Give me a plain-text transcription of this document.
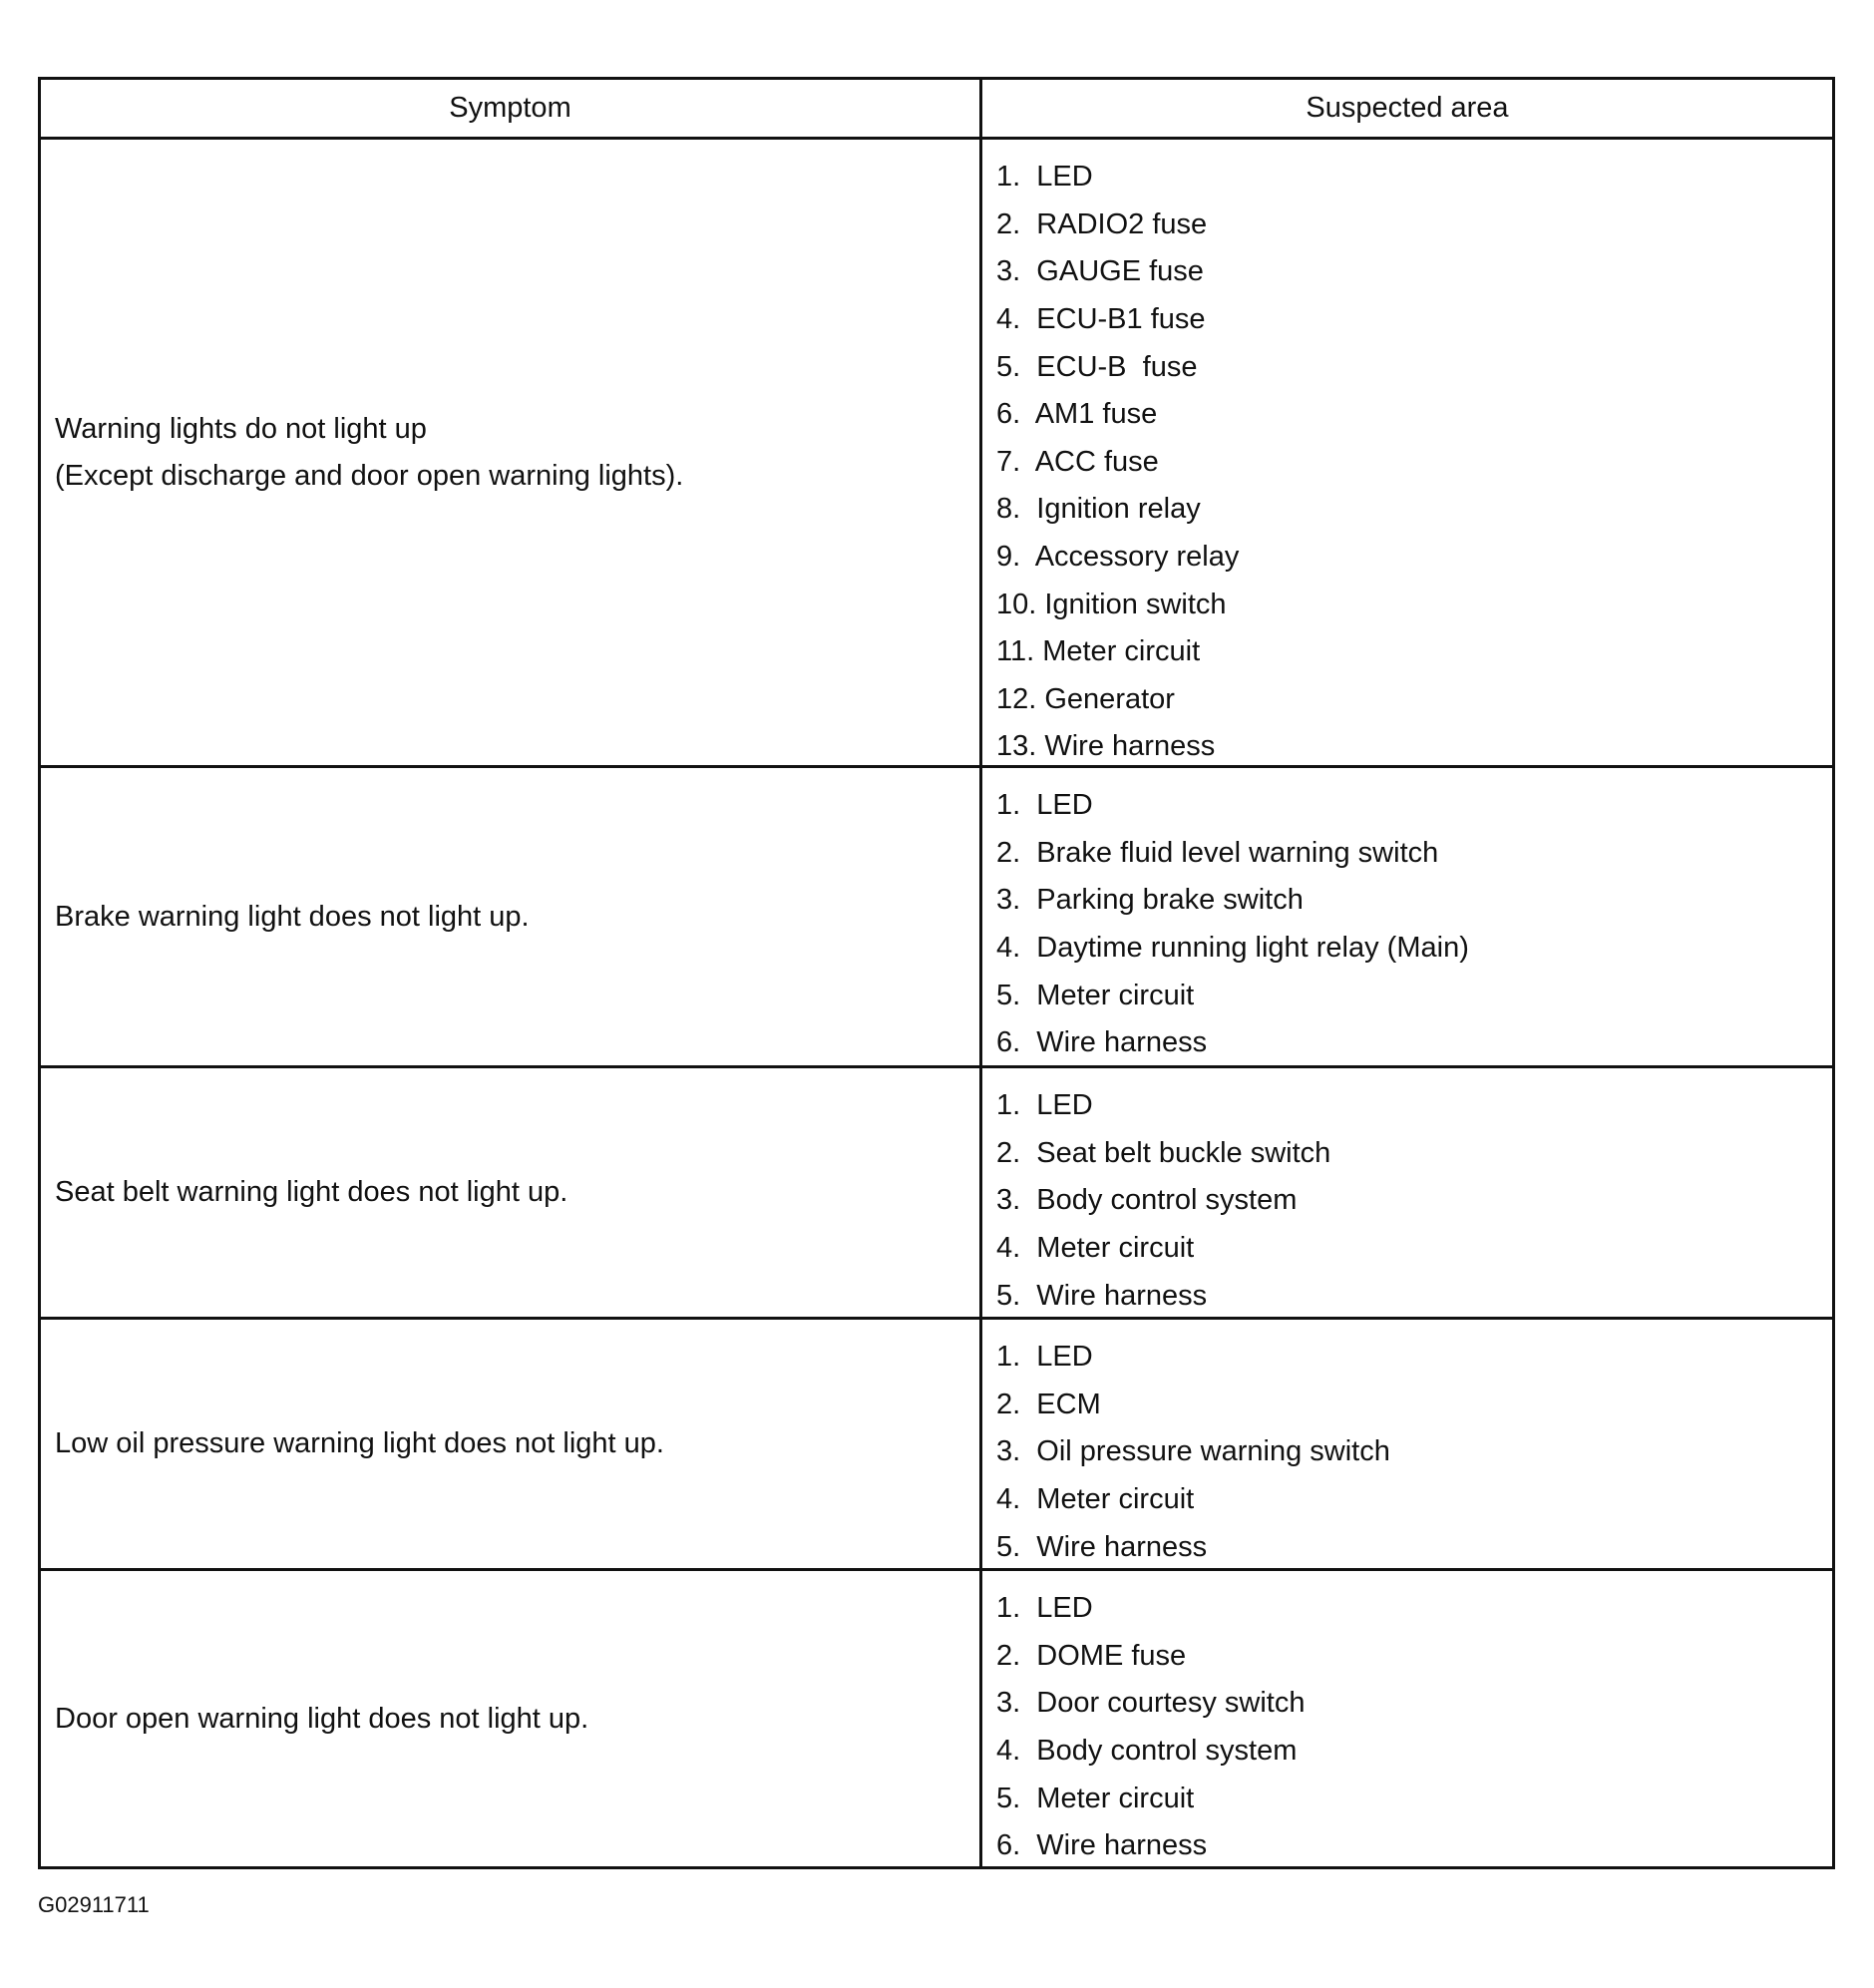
Symptom	Suspected area
Warning lights do not light up
(Except discharge and door open warning lights).
1.  LED
2.  RADIO2 fuse
3.  GAUGE fuse
4.  ECU-B1 fuse
5.  ECU-B  fuse
6.  AM1 fuse
7.  ACC fuse
8.  Ignition relay
9.  Accessory relay
10. Ignition switch
11. Meter circuit
12. Generator
13. Wire harness
Brake warning light does not light up.
1.  LED
2.  Brake fluid level warning switch
3.  Parking brake switch
4.  Daytime running light relay (Main)
5.  Meter circuit
6.  Wire harness
Seat belt warning light does not light up.
1.  LED
2.  Seat belt buckle switch
3.  Body control system
4.  Meter circuit
5.  Wire harness
Low oil pressure warning light does not light up.
1.  LED
2.  ECM
3.  Oil pressure warning switch
4.  Meter circuit
5.  Wire harness
Door open warning light does not light up.
1.  LED
2.  DOME fuse
3.  Door courtesy switch
4.  Body control system
5.  Meter circuit
6.  Wire harness
G02911711
